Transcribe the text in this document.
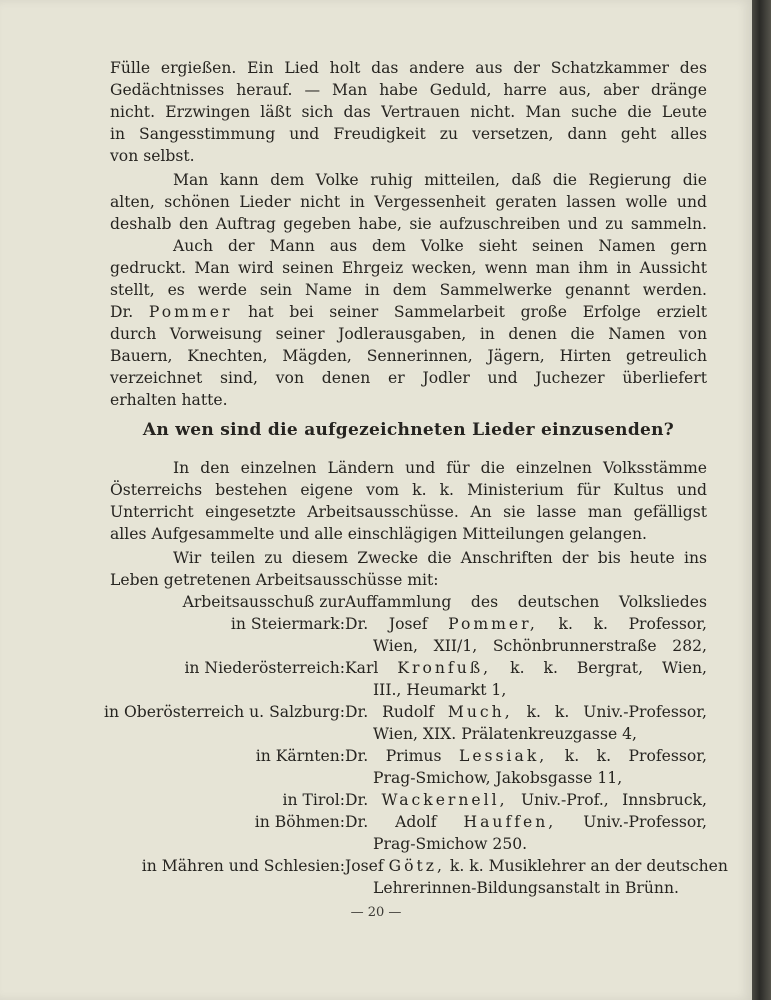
Fülle ergießen. Ein Lied holt das andere aus der Schatzkammer des
Gedächtnisses herauf. — Man habe Geduld, harre aus, aber dränge
nicht. Erzwingen läßt sich das Vertrauen nicht. Man suche die Leute
in Sangesstimmung und Freudigkeit zu versetzen, dann geht alles
von selbst.
Man kann dem Volke ruhig mitteilen, daß die Regierung die
alten, schönen Lieder nicht in Vergessenheit geraten lassen wolle und
deshalb den Auftrag gegeben habe, sie aufzuschreiben und zu sammeln.
Auch der Mann aus dem Volke sieht seinen Namen gern
gedruckt. Man wird seinen Ehrgeiz wecken, wenn man ihm in Aussicht
stellt, es werde sein Name in dem Sammelwerke genannt werden.
Dr. Pommer hat bei seiner Sammelarbeit große Erfolge erzielt
durch Vorweisung seiner Jodlerausgaben, in denen die Namen von
Bauern, Knechten, Mägden, Sennerinnen, Jägern, Hirten getreulich
verzeichnet sind, von denen er Jodler und Juchezer überliefert
erhalten hatte.
An wen sind die aufgezeichneten Lieder einzusenden?
In den einzelnen Ländern und für die einzelnen Volksstämme
Österreichs bestehen eigene vom k. k. Ministerium für Kultus und
Unterricht eingesetzte Arbeitsausschüsse. An sie lasse man gefälligst
alles Aufgesammelte und alle einschlägigen Mitteilungen gelangen.
Wir teilen zu diesem Zwecke die Anschriften der bis heute ins
Leben getretenen Arbeitsausschüsse mit:
Arbeitsausschuß zur Auffammlung des deutschen Volksliedes
in Steiermark: Dr. Josef Pommer, k. k. Professor,
Wien, XII/1, Schönbrunnerstraße 282,
in Niederösterreich: Karl Kronfuß, k. k. Bergrat, Wien,
III., Heumarkt 1,
in Oberösterreich u. Salzburg: Dr. Rudolf Much, k. k. Univ.-Professor,
Wien, XIX. Prälatenkreuzgasse 4,
in Kärnten: Dr. Primus Lessiak, k. k. Professor,
Prag-Smichow, Jakobsgasse 11,
in Tirol: Dr. Wackernell, Univ.-Prof., Innsbruck,
in Böhmen: Dr. Adolf Hauffen, Univ.-Professor,
Prag-Smichow 250.
in Mähren und Schlesien: Josef Götz, k. k. Musiklehrer an der deutschen
Lehrerinnen-Bildungsanstalt in Brünn.
— 20 —
